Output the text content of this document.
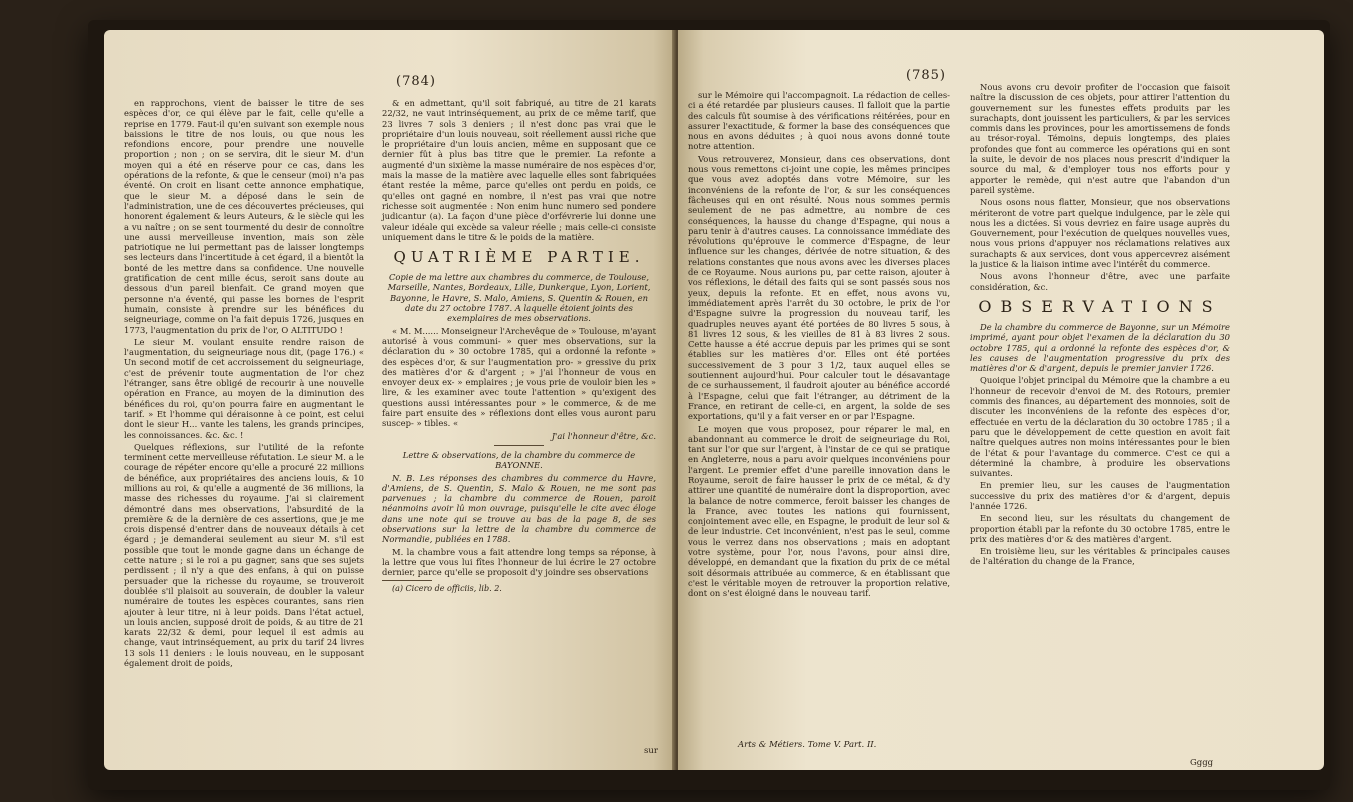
(784)

en rapprochons, vient de baisser le titre de ses espèces d'or, ce qui élève par le fait, celle qu'elle a reprise en 1779. Faut-il qu'en suivant son exemple nous baissions le titre de nos louis, ou que nous les refondions encore, pour prendre une nouvelle proportion ; non ; on se servira, dit le sieur M. d'un moyen qui a été en réserve pour ce cas, dans les opérations de la refonte, & que le censeur (moi) n'a pas éventé. On croit en lisant cette annonce emphatique, que le sieur M. a déposé dans le sein de l'administration, une de ces découvertes précieuses, qui honorent également & leurs Auteurs, & le siècle qui les a vu naître ; on se sent tourmenté du desir de connoître une aussi merveilleuse invention, mais son zèle patriotique ne lui permettant pas de laisser longtemps ses lecteurs dans l'incertitude à cet égard, il a bientôt la bonté de les mettre dans sa confidence. Une nouvelle gratification de cent mille écus, seroit sans doute au dessous d'un pareil bienfait. Ce grand moyen que personne n'a éventé, qui passe les bornes de l'esprit humain, consiste à prendre sur les bénéfices du seigneuriage, comme on l'a fait depuis 1726, jusques en 1773, l'augmentation du prix de l'or, O ALTITUDO !

Le sieur M. voulant ensuite rendre raison de l'augmentation, du seigneuriage nous dit, (page 176.) « Un second motif de cet accroissement du seigneuriage, c'est de prévenir toute augmentation de l'or chez l'étranger, sans être obligé de recourir à une nouvelle opération en France, au moyen de la diminution des bénéfices du roi, qu'on pourra faire en augmentant le tarif. » Et l'homme qui déraisonne à ce point, est celui dont le sieur H... vante les talens, les grands principes, les connoissances. &c. &c. !

Quelques réflexions, sur l'utilité de la refonte terminent cette merveilleuse réfutation. Le sieur M. a le courage de répéter encore qu'elle a procuré 22 millions de bénéfice, aux propriétaires des anciens louis, & 10 millions au roi, & qu'elle a augmenté de 36 millions, la masse des richesses du royaume. J'ai si clairement démontré dans mes observations, l'absurdité de la première & de la dernière de ces assertions, que je me crois dispensé d'entrer dans de nouveaux détails à cet égard ; je demanderai seulement au sieur M. s'il est possible que tout le monde gagne dans un échange de cette nature ; si le roi a pu gagner, sans que ses sujets perdissent ; il n'y a que des enfans, à qui on puisse persuader que la richesse du royaume, se trouveroit doublée s'il plaisoit au souverain, de doubler la valeur numéraire de toutes les espèces courantes, sans rien ajouter à leur titre, ni à leur poids. Dans l'état actuel, un louis ancien, supposé droit de poids, & au titre de 21 karats 22/32 & demi, pour lequel il est admis au change, vaut intrinséquement, au prix du tarif 24 livres 13 sols 11 deniers : le louis nouveau, en le supposant également droit de poids,

& en admettant, qu'il soit fabriqué, au titre de 21 karats 22/32, ne vaut intrinséquement, au prix de ce même tarif, que 23 livres 7 sols 3 deniers ; il n'est donc pas vrai que le propriétaire d'un louis nouveau, soit réellement aussi riche que le propriétaire d'un louis ancien, même en supposant que ce dernier fût à plus bas titre que le premier. La refonte a augmenté d'un sixième la masse numéraire de nos espèces d'or, mais la masse de la matière avec laquelle elles sont fabriquées étant restée la même, parce qu'elles ont perdu en poids, ce qu'elles ont gagné en nombre, il n'est pas vrai que notre richesse soit augmentée : Non enim hunc numero sed pondere judicantur (a). La façon d'une pièce d'orfévrerie lui donne une valeur idéale qui excède sa valeur réelle ; mais celle-ci consiste uniquement dans le titre & le poids de la matière.

QUATRIÈME PARTIE.

Copie de ma lettre aux chambres du commerce, de Toulouse, Marseille, Nantes, Bordeaux, Lille, Dunkerque, Lyon, Lorient, Bayonne, le Havre, S. Malo, Amiens, S. Quentin & Rouen, en date du 27 octobre 1787. A laquelle étoient joints des exemplaires de mes observations.

« M. M...... Monseigneur l'Archevêque de » Toulouse, m'ayant autorisé à vous communi- » quer mes observations, sur la déclaration du » 30 octobre 1785, qui a ordonné la refonte » des espèces d'or, & sur l'augmentation pro- » gressive du prix des matières d'or & d'argent ; » j'ai l'honneur de vous en envoyer deux ex- » emplaires ; je vous prie de vouloir bien les » lire, & les examiner avec toute l'attention » qu'exigent des questions aussi intéressantes pour » le commerce, & de me faire part ensuite des » réflexions dont elles vous auront paru suscep- » tibles. «

J'ai l'honneur d'être, &c.

Lettre & observations, de la chambre du commerce de BAYONNE.

N. B. Les réponses des chambres du commerce du Havre, d'Amiens, de S. Quentin, S. Malo & Rouen, ne me sont pas parvenues ; la chambre du commerce de Rouen, paroit néanmoins avoir lû mon ouvrage, puisqu'elle le cite avec éloge dans une note qui se trouve au bas de la page 8, de ses observations sur la lettre de la chambre du commerce de Normandie, publiées en 1788.

M. la chambre vous a fait attendre long temps sa réponse, à la lettre que vous lui fîtes l'honneur de lui écrire le 27 octobre dernier, parce qu'elle se proposoit d'y joindre ses observations

(a) Cicero de officiis, lib. 2.

sur
(785)

sur le Mémoire qui l'accompagnoit. La rédaction de celles-ci a été retardée par plusieurs causes. Il falloit que la partie des calculs fût soumise à des vérifications réitérées, pour en assurer l'exactitude, & former la base des conséquences que nous en avons déduites ; à quoi nous avons donné toute notre attention.

Vous retrouverez, Monsieur, dans ces observations, dont nous vous remettons ci-joint une copie, les mêmes principes que vous avez adoptés dans votre Mémoire, sur les inconvéniens de la refonte de l'or, & sur les conséquences fâcheuses qui en ont résulté. Nous nous sommes permis seulement de ne pas admettre, au nombre de ces conséquences, la hausse du change d'Espagne, qui nous a paru tenir à d'autres causes. La connoissance immédiate des révolutions qu'éprouve le commerce d'Espagne, de leur influence sur les changes, dérivée de notre situation, & des relations constantes que nous avons avec les diverses places de ce Royaume. Nous aurions pu, par cette raison, ajouter à vos réflexions, le détail des faits qui se sont passés sous nos yeux, depuis la refonte. Et en effet, nous avons vu, immédiatement après l'arrêt du 30 octobre, le prix de l'or d'Espagne suivre la progression du nouveau tarif, les quadruples neuves ayant été portées de 80 livres 5 sous, à 81 livres 12 sous, & les vieilles de 81 à 83 livres 2 sous. Cette hausse a été accrue depuis par les primes qui se sont établies sur les matières d'or. Elles ont été portées successivement de 3 pour 3 1/2, taux auquel elles se soutiennent aujourd'hui. Pour calculer tout le désavantage de ce surhaussement, il faudroit ajouter au bénéfice accordé à l'Espagne, celui que fait l'étranger, au détriment de la France, en retirant de celle-ci, en argent, la solde de ses exportations, qu'il y a fait verser en or par l'Espagne.

Le moyen que vous proposez, pour réparer le mal, en abandonnant au commerce le droit de seigneuriage du Roi, tant sur l'or que sur l'argent, à l'instar de ce qui se pratique en Angleterre, nous a paru avoir quelques inconvéniens pour l'argent. Le premier effet d'une pareille innovation dans le Royaume, seroit de faire hausser le prix de ce métal, & d'y attirer une quantité de numéraire dont la disproportion, avec la balance de notre commerce, feroit baisser les changes de la France, avec toutes les nations qui fournissent, conjointement avec elle, en Espagne, le produit de leur sol & de leur industrie. Cet inconvénient, n'est pas le seul, comme vous le verrez dans nos observations ; mais en adoptant votre système, pour l'or, nous l'avons, pour ainsi dire, développé, en demandant que la fixation du prix de ce métal soit désormais attribuée au commerce, & en établissant que c'est le véritable moyen de retrouver la proportion relative, dont on s'est éloigné dans le nouveau tarif.

Arts & Métiers. Tome V. Part. II.

Nous avons cru devoir profiter de l'occasion que faisoit naître la discussion de ces objets, pour attirer l'attention du gouvernement sur les funestes effets produits par les surachapts, dont jouissent les particuliers, & par les services commis dans les provinces, pour les amortissemens de fonds au trésor-royal. Témoins, depuis longtemps, des plaies profondes que font au commerce les opérations qui en sont la suite, le devoir de nos places nous prescrit d'indiquer la source du mal, & d'employer tous nos efforts pour y apporter le remède, qui n'est autre que l'abandon d'un pareil système.

Nous osons nous flatter, Monsieur, que nos observations mériteront de votre part quelque indulgence, par le zèle qui nous les a dictées. Si vous devriez en faire usage auprès du Gouvernement, pour l'exécution de quelques nouvelles vues, nous vous prions d'appuyer nos réclamations relatives aux surachapts & aux services, dont vous appercevrez aisément la justice & la liaison intime avec l'intérêt du commerce.

Nous avons l'honneur d'être, avec une parfaite considération, &c.

OBSERVATIONS

De la chambre du commerce de Bayonne, sur un Mémoire imprimé, ayant pour objet l'examen de la déclaration du 30 octobre 1785, qui a ordonné la refonte des espèces d'or, & les causes de l'augmentation progressive du prix des matières d'or & d'argent, depuis le premier janvier 1726.

Quoique l'objet principal du Mémoire que la chambre a eu l'honneur de recevoir d'envoi de M. des Rotours, premier commis des finances, au département des monnoies, soit de discuter les inconvéniens de la refonte des espèces d'or, effectuée en vertu de la déclaration du 30 octobre 1785 ; il a paru que le développement de cette question en avoit fait naître quelques autres non moins intéressantes pour le bien de l'état & pour l'avantage du commerce. C'est ce qui a déterminé la chambre, à produire les observations suivantes.

En premier lieu, sur les causes de l'augmentation successive du prix des matières d'or & d'argent, depuis l'année 1726.

En second lieu, sur les résultats du changement de proportion établi par la refonte du 30 octobre 1785, entre le prix des matières d'or & des matières d'argent.

En troisième lieu, sur les véritables & principales causes de l'altération du change de la France,

Gggg
